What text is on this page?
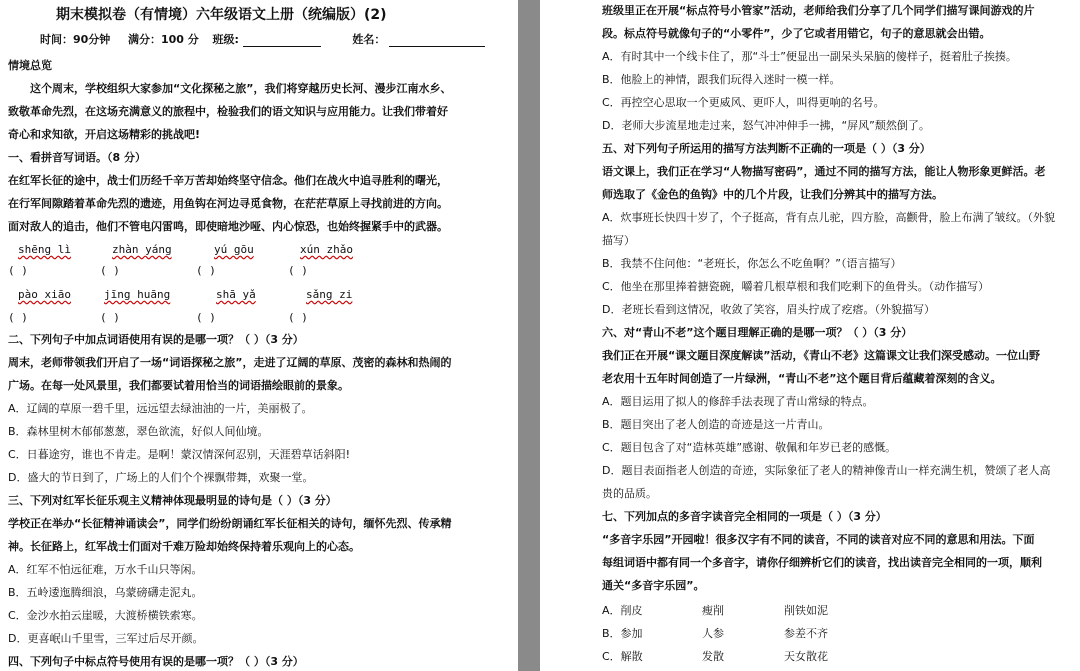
期末模拟卷（有情境）六年级语文上册（统编版）(2)
时间：90分钟 满分：100 分 班级:	姓名：
情境总览
这个周末，学校组织大家参加“文化探秘之旅”，我们将穿越历史长河、漫步江南水乡、
致敬革命先烈，在这场充满意义的旅程中，检验我们的语文知识与应用能力。让我们带着好
奇心和求知欲，开启这场精彩的挑战吧!
一、看拼音写词语。（8 分）
在红军长征的途中，战士们历经千辛万苦却始终坚守信念。他们在战火中追寻胜利的曙光，
在行军间隙踏着革命先烈的遗迹，用鱼钩在河边寻觅食物，在茫茫草原上寻找前进的方向。
面对敌人的追击，他们不管电闪雷鸣，即使暗地沙哑、内心惊恐，也始终握紧手中的武器。
shēng lì	zhàn yáng	yú gōu	xún zhǎo
( )	( )	( )	( )
pào xiāo	jīng huāng	shā yǎ	sǎng zi
( )	( )	( )	( )
二、下列句子中加点词语使用有误的是哪一项？（ ）（3 分）
周末，老师带领我们开启了一场“词语探秘之旅”，走进了辽阔的草原、茂密的森林和热闹的
广场。在每一处风景里，我们都要试着用恰当的词语描绘眼前的景象。
A．辽阔的草原一碧千里，远远望去绿油油的一片，美丽极了。
B．森林里树木郁郁葱葱，翠色欲流，好似人间仙境。
C．日暮途穷，谁也不肯走。是啊！蒙汉情深何忍别，天涯碧草话斜阳!
D．盛大的节日到了，广场上的人们个个裸飘带舞，欢聚一堂。
三、下列对红军长征乐观主义精神体现最明显的诗句是（ ）（3 分）
学校正在举办“长征精神诵读会”，同学们纷纷朗诵红军长征相关的诗句，缅怀先烈、传承精
神。长征路上，红军战士们面对千难万险却始终保持着乐观向上的心态。
A．红军不怕远征难，万水千山只等闲。
B．五岭逶迤腾细浪，乌蒙磅礴走泥丸。
C．金沙水拍云崖暖，大渡桥横铁索寒。
D．更喜岷山千里雪，三军过后尽开颜。
四、下列句子中标点符号使用有误的是哪一项？（ ）（3 分）
班级里正在开展“标点符号小管家”活动，老师给我们分享了几个同学们描写课间游戏的片
段。标点符号就像句子的“小零件”，少了它或者用错它，句子的意思就会出错。
A．有时其中一个线卡住了，那“斗士”便显出一副呆头呆脑的傻样子，挺着肚子挨揍。
B．他脸上的神情，跟我们玩得入迷时一模一样。
C．再控空心思取一个更威风、更吓人，叫得更响的名号。
D．老师大步流星地走过来，怒气冲冲伸手一拂，“屏风”颓然倒了。
五、对下列句子所运用的描写方法判断不正确的一项是（ ）（3 分）
语文课上，我们正在学习“人物描写密码”，通过不同的描写方法，能让人物形象更鲜活。老
师选取了《金色的鱼钩》中的几个片段，让我们分辨其中的描写方法。
A．炊事班长快四十岁了，个子挺高，背有点儿驼，四方脸，高颧骨，脸上布满了皱纹。（外貌
描写）
B．我禁不住问他：“老班长，你怎么不吃鱼啊？”（语言描写）
C．他坐在那里捧着搪瓷碗，嚼着几根草根和我们吃剩下的鱼骨头。（动作描写）
D．老班长看到这情况，收敛了笑容，眉头拧成了疙瘩。（外貌描写）
六、对“青山不老”这个题目理解正确的是哪一项？（ ）（3 分）
我们正在开展“课文题目深度解读”活动，《青山不老》这篇课文让我们深受感动。一位山野
老农用十五年时间创造了一片绿洲，“青山不老”这个题目背后蕴藏着深刻的含义。
A．题目运用了拟人的修辞手法表现了青山常绿的特点。
B．题目突出了老人创造的奇迹是这一片青山。
C．题目包含了对“造林英雄”感谢、敬佩和年岁已老的感慨。
D．题目表面指老人创造的奇迹，实际象征了老人的精神像青山一样充满生机，赞颂了老人高
贵的品质。
七、下列加点的多音字读音完全相同的一项是（ ）（3 分）
“多音字乐园”开园啦！很多汉字有不同的读音，不同的读音对应不同的意思和用法。下面
每组词语中都有同一个多音字，请你仔细辨析它们的读音，找出读音完全相同的一项，顺利
通关“多音字乐园”。
A．削皮	瘦削	削铁如泥
B．参加	人参	参差不齐
C．解散	发散	天女散花
